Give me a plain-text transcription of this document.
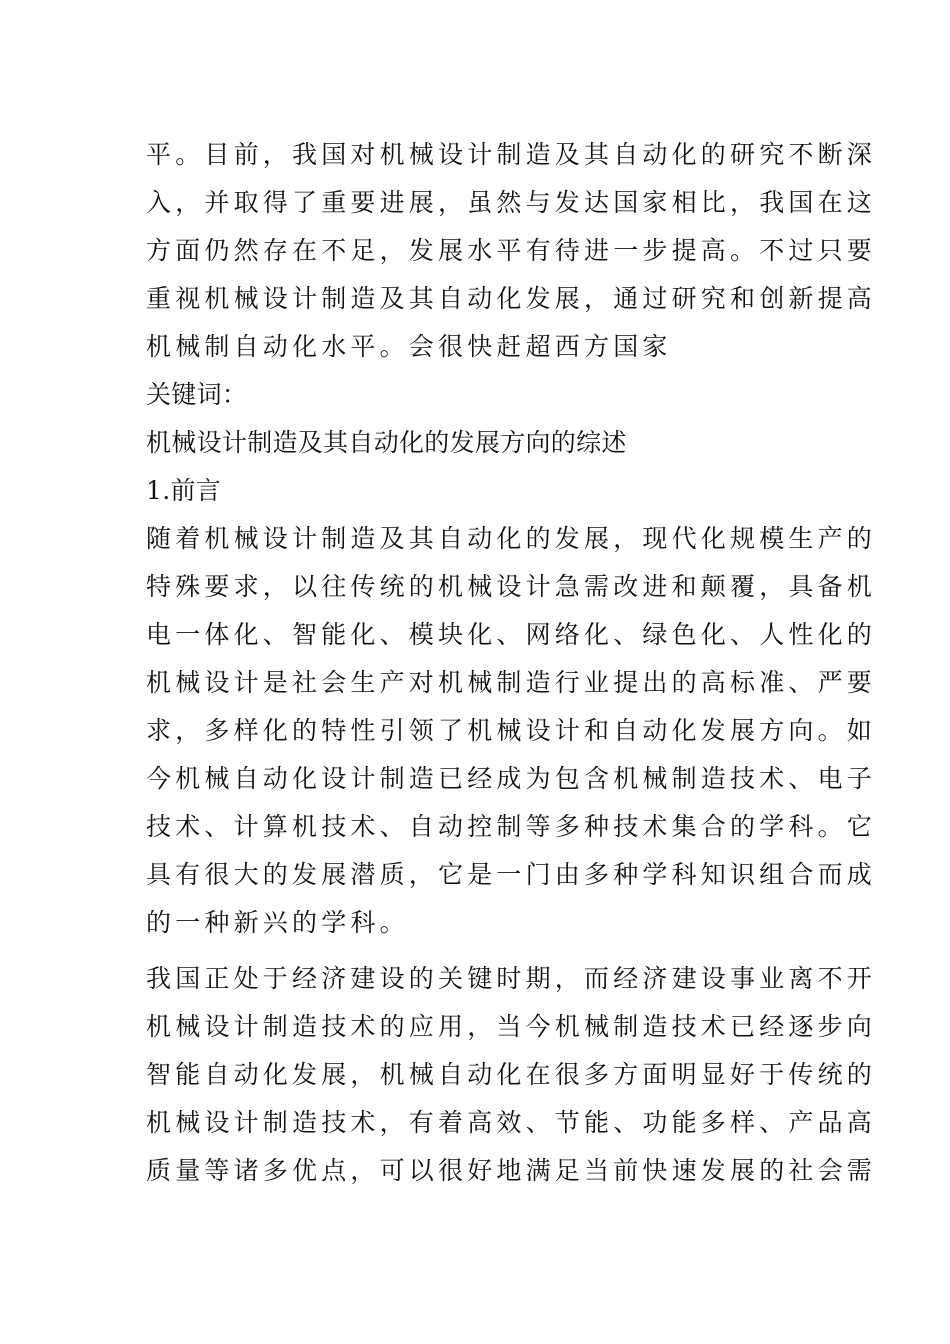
平。目前，我国对机械设计制造及其自动化的研究不断深
入，并取得了重要进展，虽然与发达国家相比，我国在这
方面仍然存在不足，发展水平有待进一步提高。不过只要
重视机械设计制造及其自动化发展，通过研究和创新提高
机械制自动化水平。会很快赶超西方国家
关键词：
机械设计制造及其自动化的发展方向的综述
1.前言
随着机械设计制造及其自动化的发展，现代化规模生产的
特殊要求，以往传统的机械设计急需改进和颠覆，具备机
电一体化、智能化、模块化、网络化、绿色化、人性化的
机械设计是社会生产对机械制造行业提出的高标准、严要
求，多样化的特性引领了机械设计和自动化发展方向。如
今机械自动化设计制造已经成为包含机械制造技术、电子
技术、计算机技术、自动控制等多种技术集合的学科。它
具有很大的发展潜质，它是一门由多种学科知识组合而成
的一种新兴的学科。
我国正处于经济建设的关键时期，而经济建设事业离不开
机械设计制造技术的应用，当今机械制造技术已经逐步向
智能自动化发展，机械自动化在很多方面明显好于传统的
机械设计制造技术，有着高效、节能、功能多样、产品高
质量等诸多优点，可以很好地满足当前快速发展的社会需
